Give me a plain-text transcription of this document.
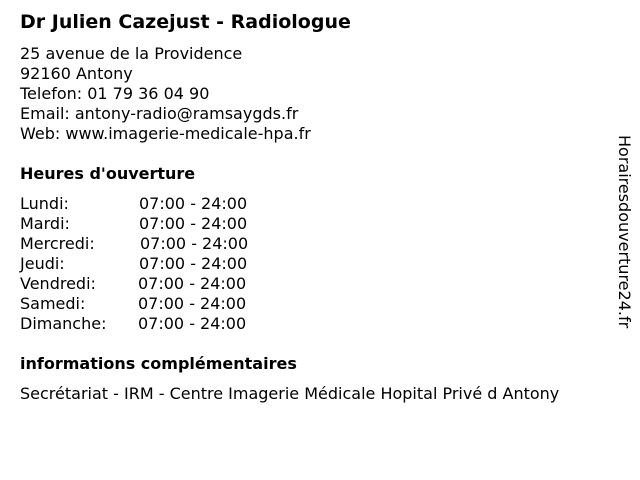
Dr Julien Cazejust - Radiologue
25 avenue de la Providence
92160 Antony
Telefon: 01 79 36 04 90
Email: antony-radio@ramsaygds.fr
Web: www.imagerie-medicale-hpa.fr
Heures d'ouverture
Lundi:	07:00 - 24:00
Mardi:	07:00 - 24:00
Mercredi:	07:00 - 24:00
Jeudi:	07:00 - 24:00
Vendredi:	07:00 - 24:00
Samedi:	07:00 - 24:00
Dimanche: 07:00 - 24:00
informations complémentaires
Secrétariat - IRM - Centre Imagerie Médicale Hopital Privé d Antony
Horairesdouverture24.fr
